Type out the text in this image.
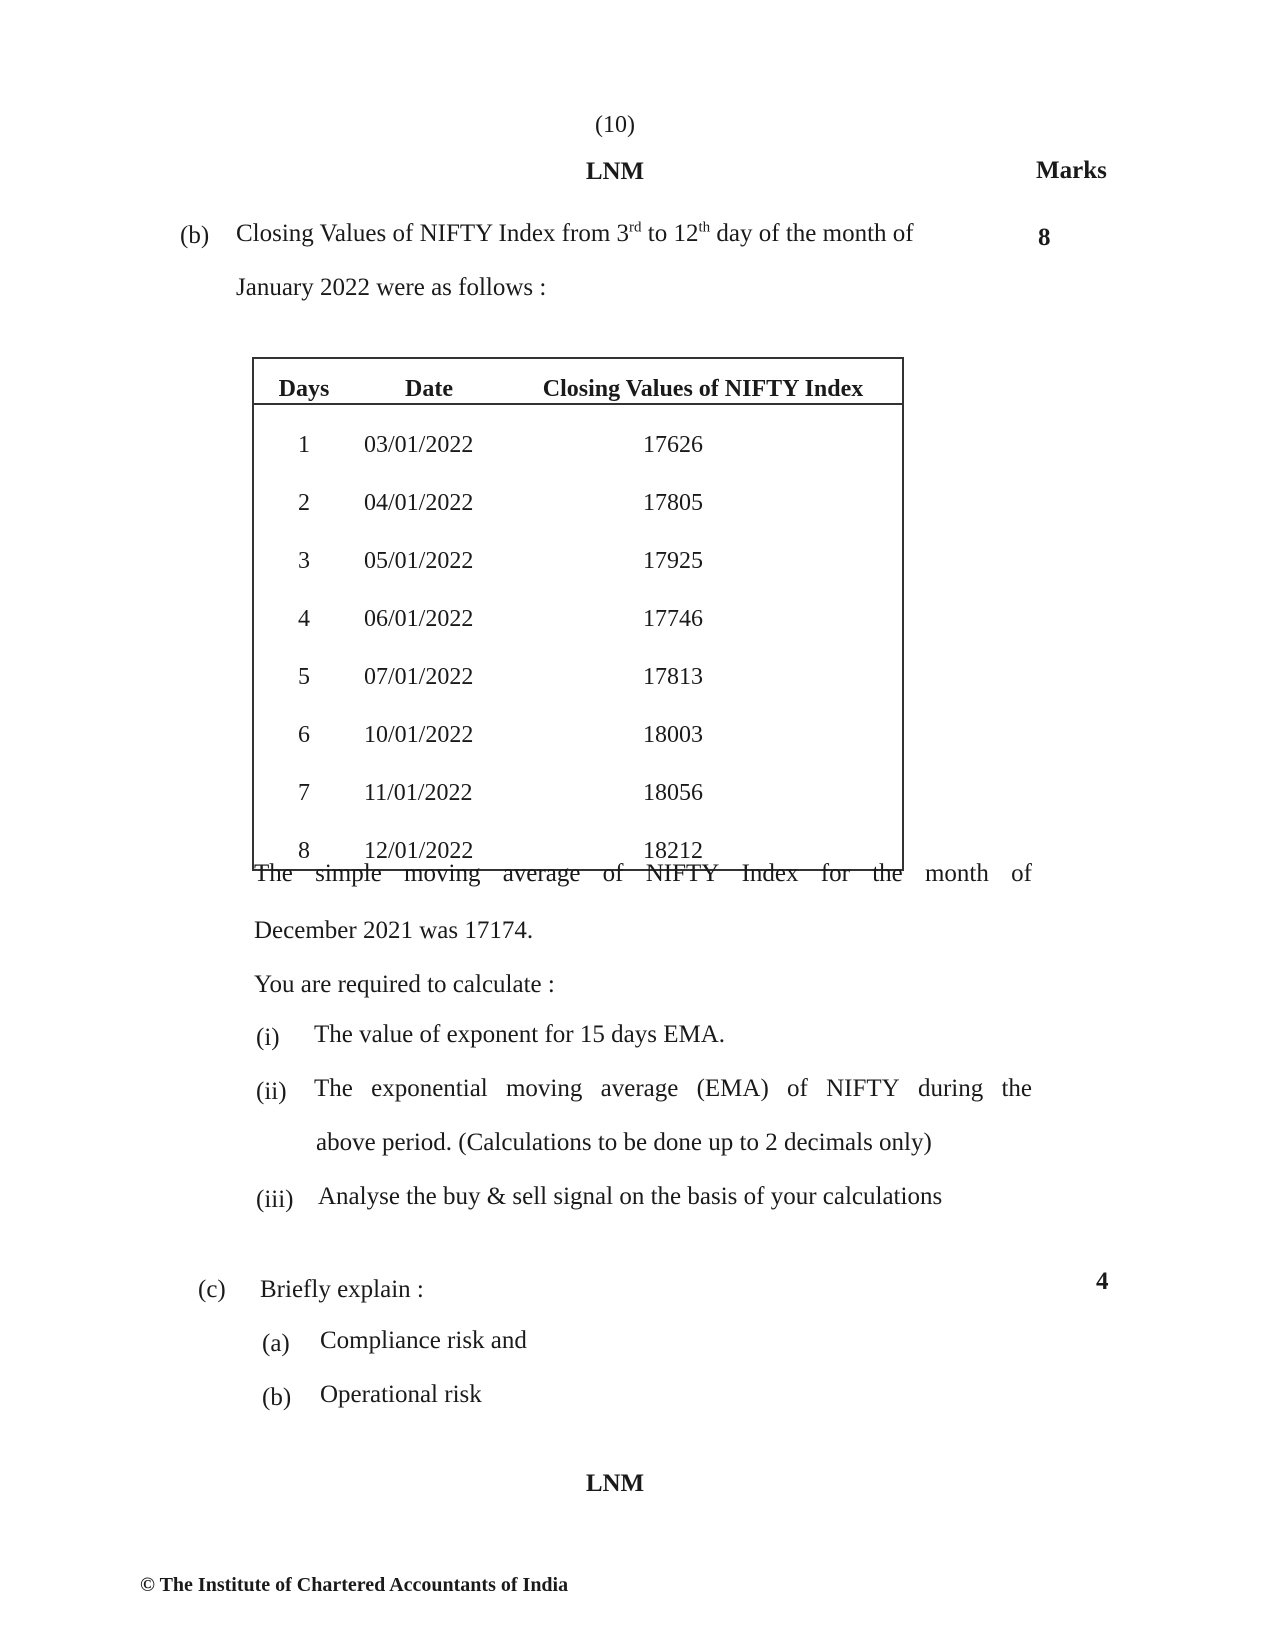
(10)
LNM	Marks
(b)	8
Closing Values of NIFTY Index from 3rd to 12th day of the month of
January 2022 were as follows :
Days	Date	Closing Values of NIFTY Index
1	03/01/2022	17626
2	04/01/2022	17805
3	05/01/2022	17925
4	06/01/2022	17746
5	07/01/2022	17813
6	10/01/2022	18003
7	11/01/2022	18056
8	12/01/2022	18212
The simple moving average of NIFTY Index for the month of
December 2021 was 17174.
You are required to calculate :
(i) The value of exponent for 15 days EMA.
(ii) The exponential moving average (EMA) of NIFTY during the
above period. (Calculations to be done up to 2 decimals only)
(iii) Analyse the buy & sell signal on the basis of your calculations
(c)	4
Briefly explain :
(a) Compliance risk and
(b) Operational risk
LNM
© The Institute of Chartered Accountants of India
